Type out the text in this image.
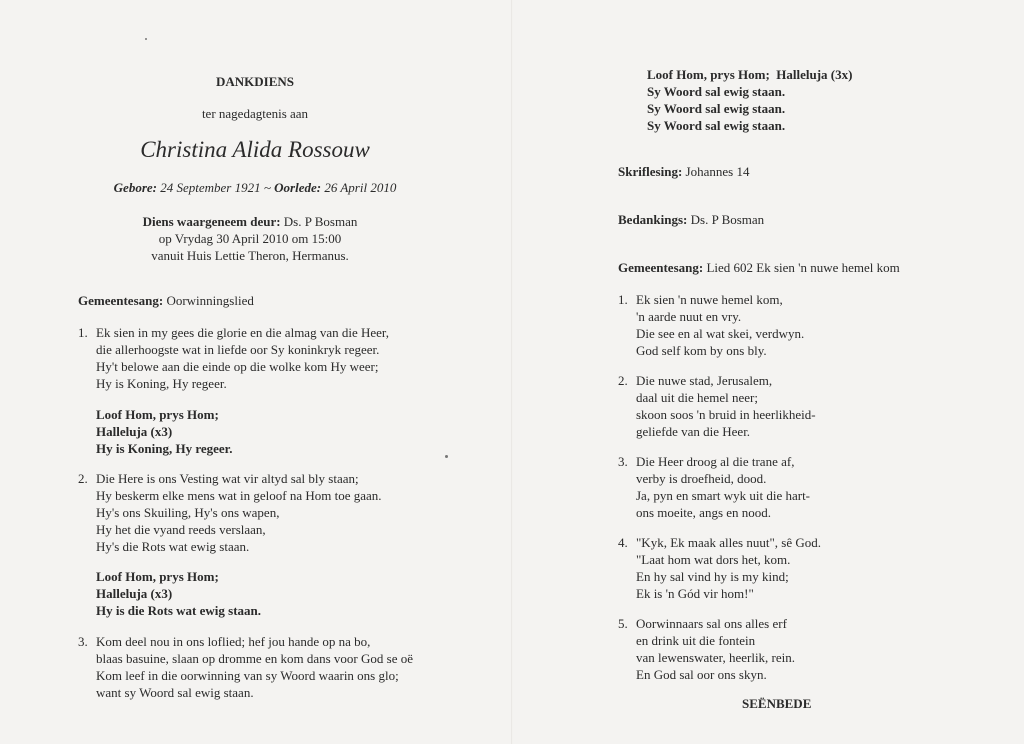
DANKDIENS
ter nagedagtenis aan
Christina Alida Rossouw
Gebore: 24 September 1921 ~ Oorlede: 26 April 2010
Diens waargeneem deur: Ds. P Bosman
op Vrydag 30 April 2010 om 15:00
vanuit Huis Lettie Theron, Hermanus.
Gemeentesang: Oorwinningslied
1. Ek sien in my gees die glorie en die almag van die Heer,
die allerhoogste wat in liefde oor Sy koninkryk regeer.
Hy't belowe aan die einde op die wolke kom Hy weer;
Hy is Koning, Hy regeer.
Loof Hom, prys Hom;
Halleluja (x3)
Hy is Koning, Hy regeer.
2. Die Here is ons Vesting wat vir altyd sal bly staan;
Hy beskerm elke mens wat in geloof na Hom toe gaan.
Hy's ons Skuiling, Hy's ons wapen,
Hy het die vyand reeds verslaan,
Hy's die Rots wat ewig staan.
Loof Hom, prys Hom;
Halleluja (x3)
Hy is die Rots wat ewig staan.
3. Kom deel nou in ons loflied; hef jou hande op na bo,
blaas basuine, slaan op dromme en kom dans voor God se oë
Kom leef in die oorwinning van sy Woord waarin ons glo;
want sy Woord sal ewig staan.
Loof Hom, prys Hom; Halleluja (3x)
Sy Woord sal ewig staan.
Sy Woord sal ewig staan.
Sy Woord sal ewig staan.
Skriflesing: Johannes 14
Bedankings: Ds. P Bosman
Gemeentesang: Lied 602 Ek sien 'n nuwe hemel kom
1. Ek sien 'n nuwe hemel kom,
'n aarde nuut en vry.
Die see en al wat skei, verdwyn.
God self kom by ons bly.
2. Die nuwe stad, Jerusalem,
daal uit die hemel neer;
skoon soos 'n bruid in heerlikheid-
geliefde van die Heer.
3. Die Heer droog al die trane af,
verby is droefheid, dood.
Ja, pyn en smart wyk uit die hart-
ons moeite, angs en nood.
4. "Kyk, Ek maak alles nuut", sê God.
"Laat hom wat dors het, kom.
En hy sal vind hy is my kind;
Ek is 'n Gód vir hom!"
5. Oorwinnaars sal ons alles erf
en drink uit die fontein
van lewenswater, heerlik, rein.
En God sal oor ons skyn.
SEËNBEDE
